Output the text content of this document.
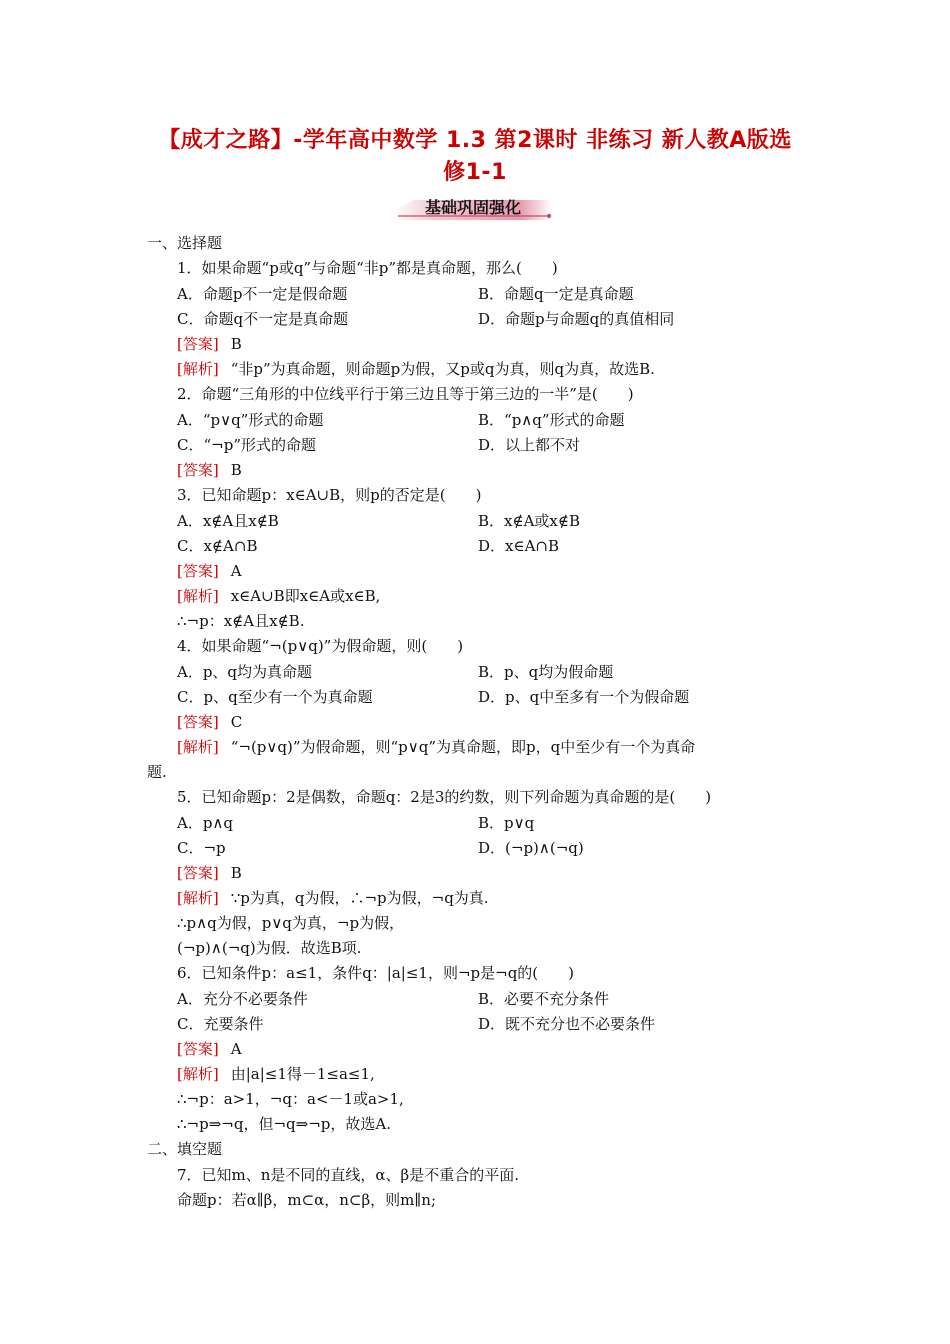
【成才之路】-学年高中数学 1.3 第2课时 非练习 新人教A版选
修1-1
基础巩固强化
一、选择题
1．如果命题“p或q”与命题“非p”都是真命题，那么(　　)
A．命题p不一定是假命题	B．命题q一定是真命题
C．命题q不一定是真命题	D．命题p与命题q的真值相同
[答案] B
[解析] “非p”为真命题，则命题p为假，又p或q为真，则q为真，故选B.
2．命题“三角形的中位线平行于第三边且等于第三边的一半”是(　　)
A．“p∨q”形式的命题	B．“p∧q”形式的命题
C．“¬p”形式的命题	D．以上都不对
[答案] B
3．已知命题p：x∈A∪B，则p的否定是(　　)
A．x∉A且x∉B	B．x∉A或x∉B
C．x∉A∩B	D．x∈A∩B
[答案] A
[解析] x∈A∪B即x∈A或x∈B,
∴¬p：x∉A且x∉B.
4．如果命题“¬(p∨q)”为假命题，则(　　)
A．p、q均为真命题	B．p、q均为假命题
C．p、q至少有一个为真命题	D．p、q中至多有一个为假命题
[答案] C
[解析] “¬(p∨q)”为假命题，则“p∨q”为真命题，即p，q中至少有一个为真命
题.
5．已知命题p：2是偶数，命题q：2是3的约数，则下列命题为真命题的是(　　)
A．p∧q	B．p∨q
C．¬p	D．(¬p)∧(¬q)
[答案] B
[解析] ∵p为真，q为假，∴¬p为假，¬q为真.
∴p∧q为假，p∨q为真，¬p为假，
(¬p)∧(¬q)为假．故选B项.
6．已知条件p：a≤1，条件q：|a|≤1，则¬p是¬q的(　　)
A．充分不必要条件	B．必要不充分条件
C．充要条件	D．既不充分也不必要条件
[答案] A
[解析] 由|a|≤1得－1≤a≤1,
∴¬p：a>1，¬q：a<－1或a>1,
∴¬p⇒¬q，但¬q⇒¬p，故选A.
二、填空题
7．已知m、n是不同的直线，α、β是不重合的平面.
命题p：若α∥β，m⊂α，n⊂β，则m∥n;
